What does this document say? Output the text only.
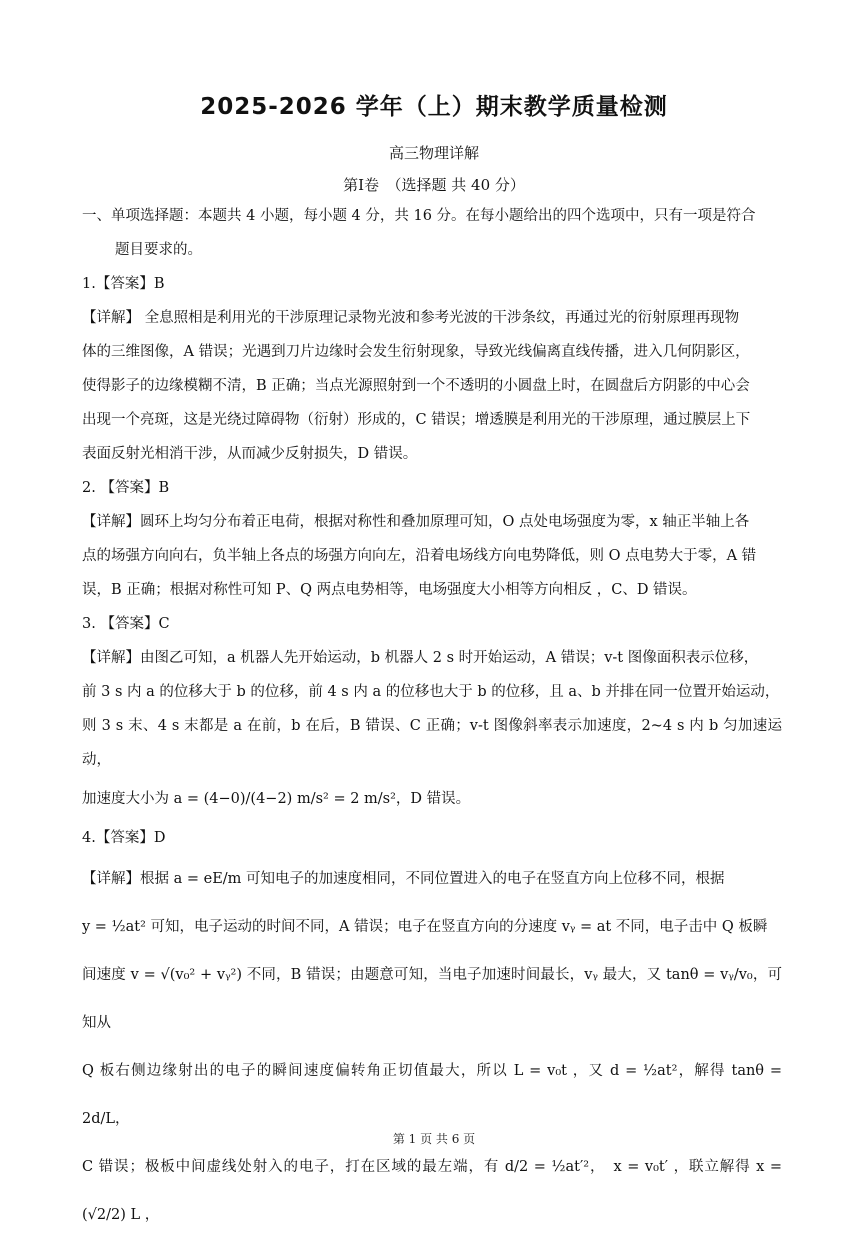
2025-2026 学年（上）期末教学质量检测
高三物理详解
第Ⅰ卷　（选择题 共 40 分）

一、单项选择题：本题共 4 小题，每小题 4 分，共 16 分。在每小题给出的四个选项中，只有一项是符合

题目要求的。

1.【答案】B

【详解】 全息照相是利用光的干涉原理记录物光波和参考光波的干涉条纹，再通过光的衍射原理再现物

体的三维图像，A 错误；光遇到刀片边缘时会发生衍射现象，导致光线偏离直线传播，进入几何阴影区，

使得影子的边缘模糊不清，B 正确；当点光源照射到一个不透明的小圆盘上时，在圆盘后方阴影的中心会

出现一个亮斑，这是光绕过障碍物（衍射）形成的，C 错误；增透膜是利用光的干涉原理，通过膜层上下

表面反射光相消干涉，从而减少反射损失，D 错误。

2. 【答案】B

【详解】圆环上均匀分布着正电荷，根据对称性和叠加原理可知，O 点处电场强度为零，x 轴正半轴上各

点的场强方向向右，负半轴上各点的场强方向向左，沿着电场线方向电势降低，则 O 点电势大于零，A 错

误，B 正确；根据对称性可知 P、Q 两点电势相等，电场强度大小相等方向相反 ，C、D 错误。

3. 【答案】C

【详解】由图乙可知，a 机器人先开始运动，b 机器人 2 s 时开始运动，A 错误；v-t 图像面积表示位移，

前 3 s 内 a 的位移大于 b 的位移，前 4 s 内 a 的位移也大于 b 的位移，且 a、b 并排在同一位置开始运动，

则 3 s 末、4 s 末都是 a 在前，b 在后，B 错误、C 正确；v-t 图像斜率表示加速度，2~4 s 内 b 匀加速运动，

加速度大小为 a = (4−0)/(4−2) m/s² = 2 m/s²，D 错误。

4.【答案】D

【详解】根据 a = eE/m 可知电子的加速度相同，不同位置进入的电子在竖直方向上位移不同，根据

y = ½at² 可知，电子运动的时间不同，A 错误；电子在竖直方向的分速度 vᵧ = at 不同，电子击中 Q 板瞬

间速度 v = √(v₀² + vᵧ²) 不同，B 错误；由题意可知，当电子加速时间最长，vᵧ 最大，又 tanθ = vᵧ/v₀，可知从

Q 板右侧边缘射出的电子的瞬间速度偏转角正切值最大，所以 L = v₀t ，又 d = ½at²，解得 tanθ = 2d/L，

C 错误；极板中间虚线处射入的电子，打在区域的最左端，有 d/2 = ½at′²，　x = v₀t′ ，联立解得 x = (√2/2) L ，

第 1 页 共 6 页
